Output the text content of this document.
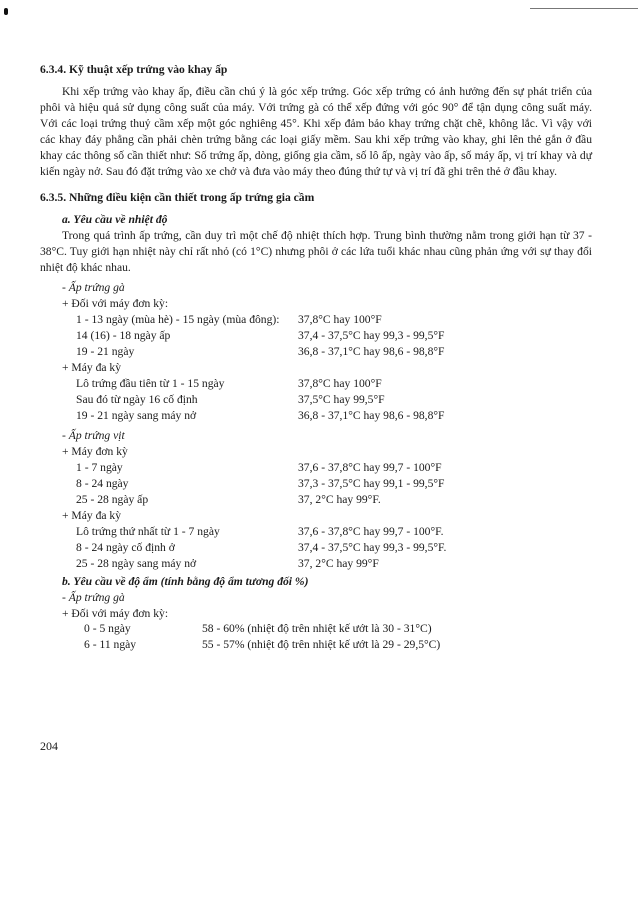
6.3.4. Kỹ thuật xếp trứng vào khay ấp

Khi xếp trứng vào khay ấp, điều cần chú ý là góc xếp trứng. Góc xếp trứng có ảnh hưởng đến sự phát triển của phôi và hiệu quả sử dụng công suất của máy. Với trứng gà có thể xếp đứng với góc 90° để tận dụng công suất máy. Với các loại trứng thuỷ cầm xếp một góc nghiêng 45°. Khi xếp đảm bảo khay trứng chặt chẽ, không lắc. Vì vậy với các khay đáy phẳng cần phải chèn trứng bằng các loại giấy mềm. Sau khi xếp trứng vào khay, ghi lên thẻ gắn ở đầu khay các thông số cần thiết như: Số trứng ấp, dòng, giống gia cầm, số lô ấp, ngày vào ấp, số máy ấp, vị trí khay và dự kiến ngày nở. Sau đó đặt trứng vào xe chở và đưa vào máy theo đúng thứ tự và vị trí đã ghi trên thẻ ở đầu khay.

6.3.5. Những điều kiện cần thiết trong ấp trứng gia cầm

a. Yêu cầu về nhiệt độ

Trong quá trình ấp trứng, cần duy trì một chế độ nhiệt thích hợp. Trung bình thường nằm trong giới hạn từ 37 - 38°C. Tuy giới hạn nhiệt này chỉ rất nhỏ (có 1°C) nhưng phôi ở các lứa tuổi khác nhau cũng phản ứng với sự thay đổi nhiệt độ khác nhau.

- Ấp trứng gà

+ Đối với máy đơn kỳ:
1 - 13 ngày (mùa hè) - 15 ngày (mùa đông):	37,8°C hay 100°F
14 (16) - 18 ngày ấp	37,4 - 37,5°C hay 99,3 - 99,5°F
19 - 21 ngày	36,8 - 37,1°C hay 98,6 - 98,8°F
+ Máy đa kỳ
Lô trứng đầu tiên từ 1 - 15 ngày	37,8°C hay 100°F
Sau đó từ ngày 16 cố định	37,5°C hay 99,5°F
19 - 21 ngày sang máy nở	36,8 - 37,1°C hay 98,6 - 98,8°F

- Ấp trứng vịt

+ Máy đơn kỳ
1 - 7 ngày	37,6 - 37,8°C hay 99,7 - 100°F
8 - 24 ngày	37,3 - 37,5°C hay 99,1 - 99,5°F
25 - 28 ngày ấp	37, 2°C hay 99°F.
+ Máy đa kỳ
Lô trứng thứ nhất từ 1 - 7 ngày	37,6 - 37,8°C hay 99,7 - 100°F.
8 - 24 ngày cố định ở	37,4 - 37,5°C hay 99,3 - 99,5°F.
25 - 28 ngày sang máy nở	37, 2°C hay 99°F

b. Yêu cầu về độ ẩm (tính bằng độ ẩm tương đối %)

- Ấp trứng gà

+ Đối với máy đơn kỳ:
0 - 5 ngày	58 - 60% (nhiệt độ trên nhiệt kế ướt là 30 - 31°C)
6 - 11 ngày	55 - 57% (nhiệt độ trên nhiệt kế ướt là 29 - 29,5°C)
204
